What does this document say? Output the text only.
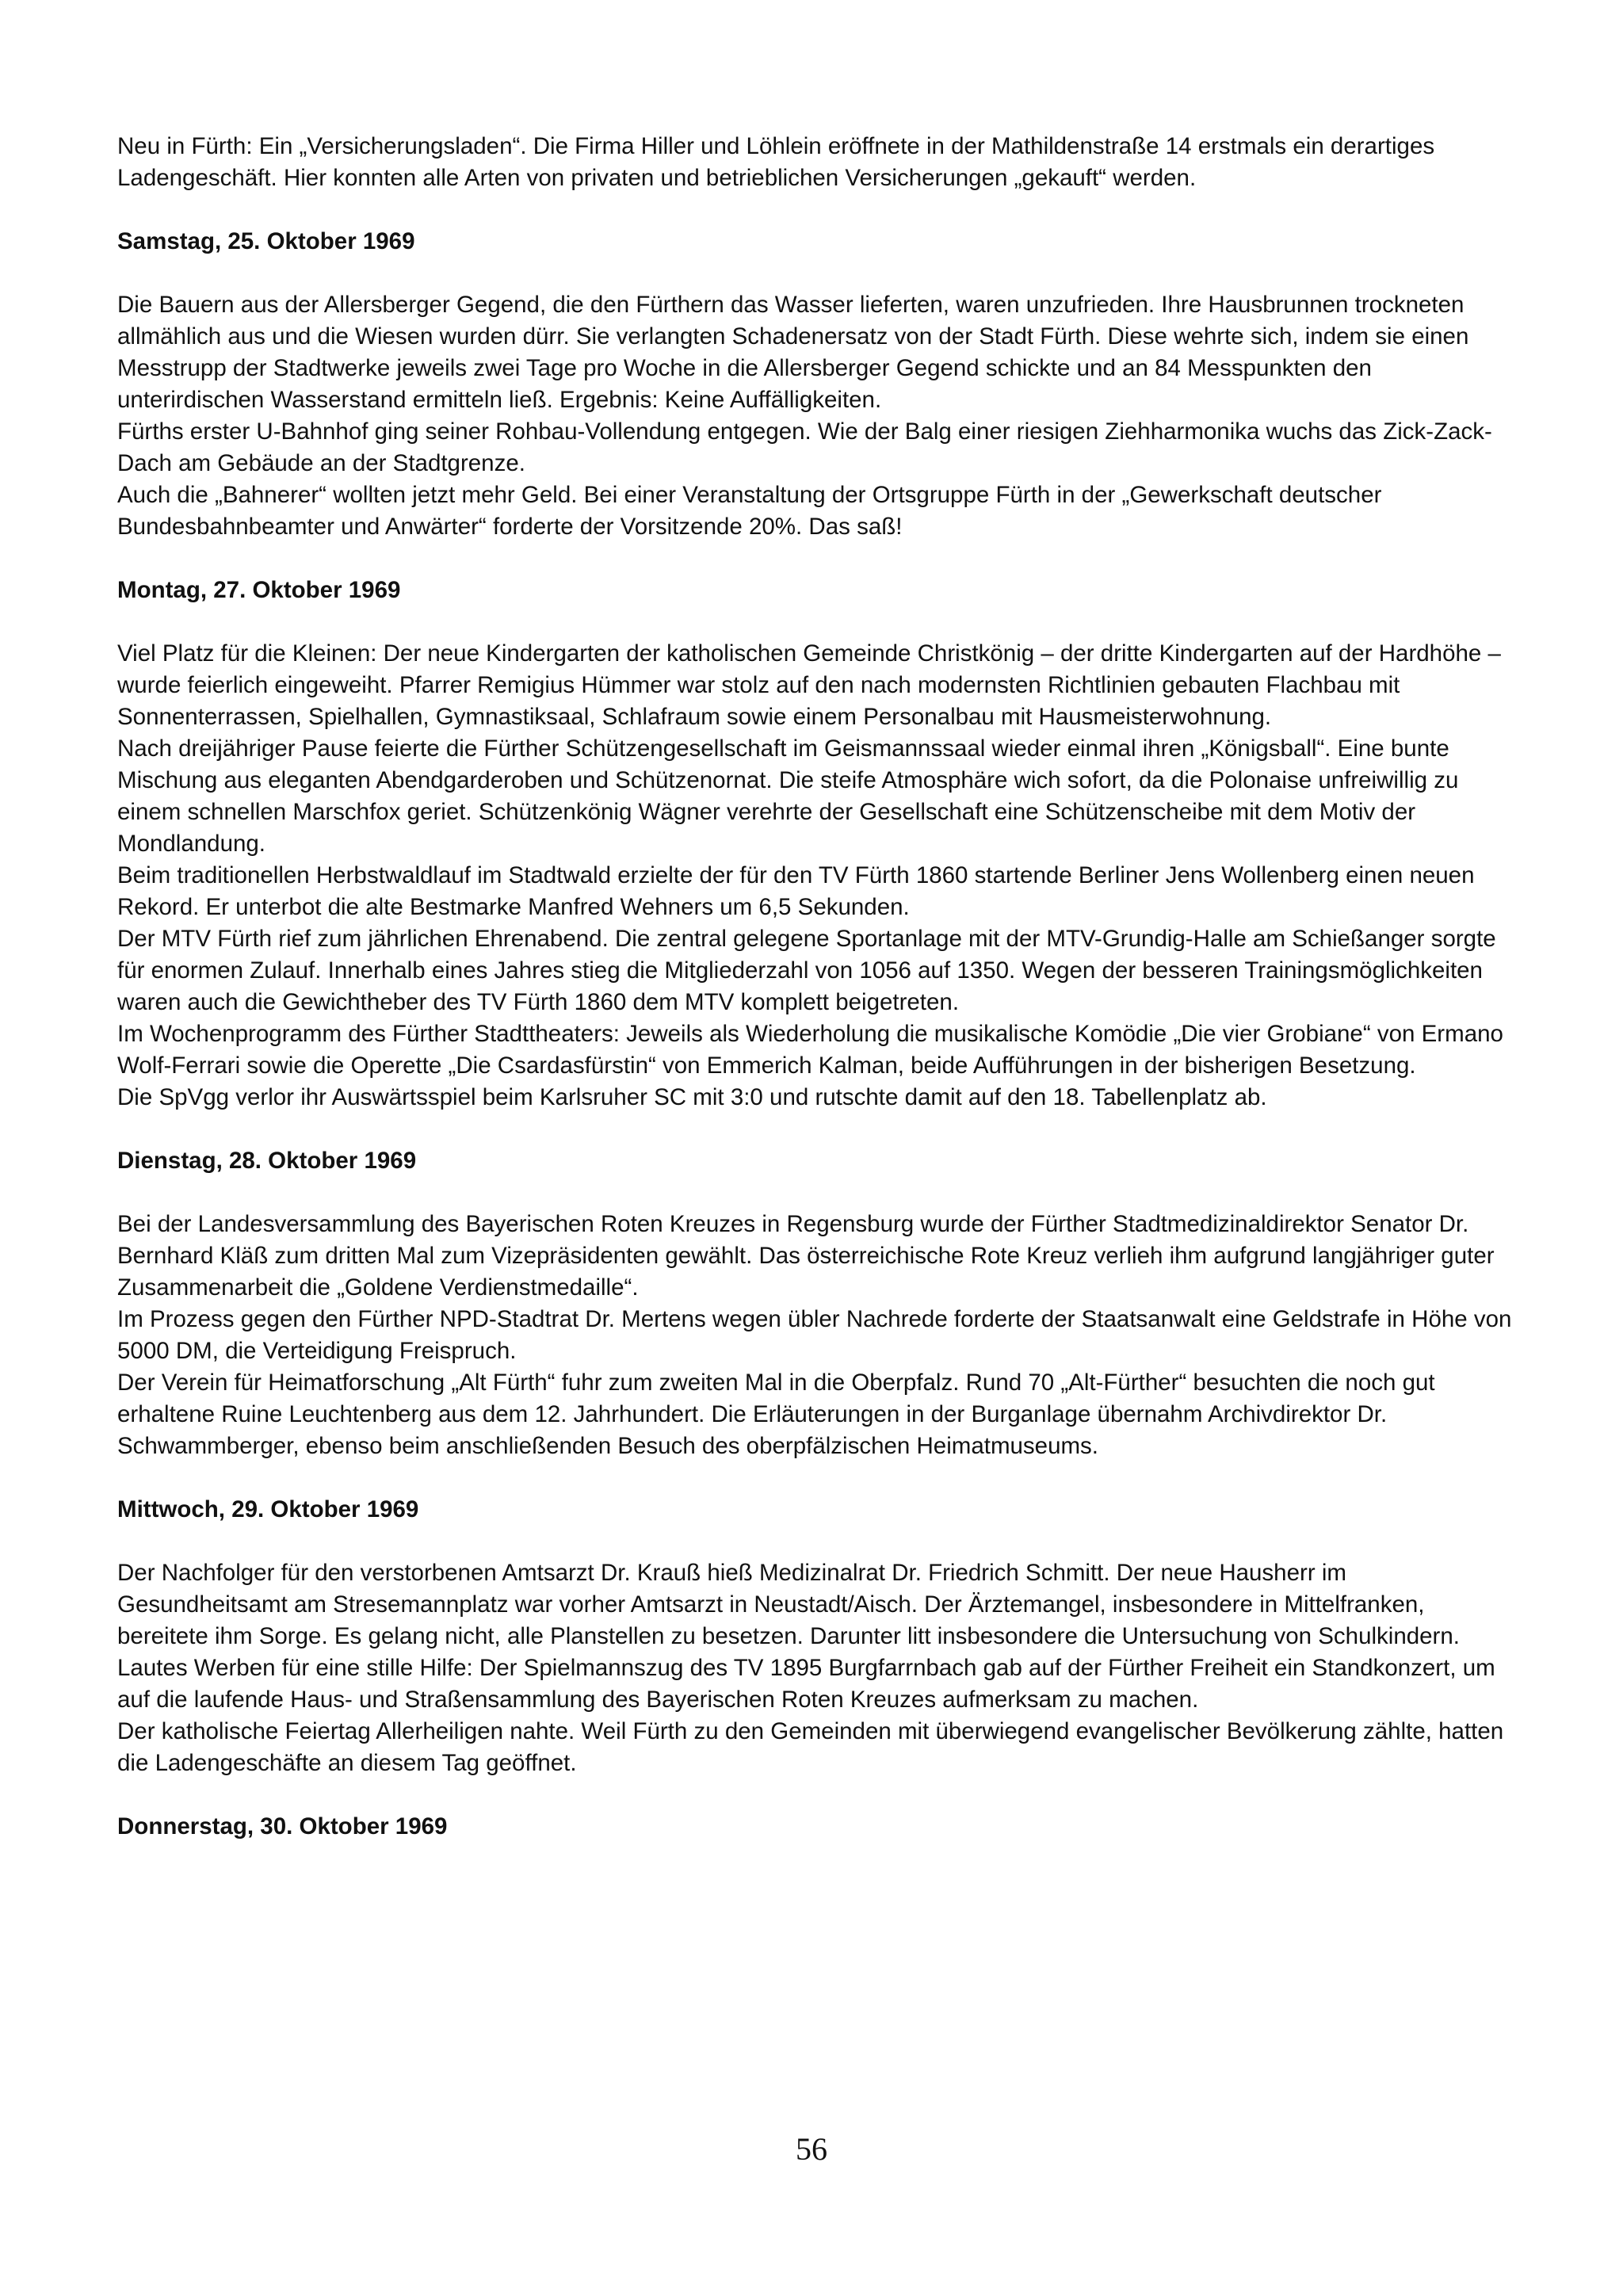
Neu in Fürth: Ein „Versicherungsladen“. Die Firma Hiller und Löhlein eröffnete in der Mathildenstraße 14 erstmals ein derartiges Ladengeschäft. Hier konnten alle Arten von privaten und betrieblichen Versicherungen „gekauft“ werden.

Samstag, 25. Oktober 1969

Die Bauern aus der Allersberger Gegend, die den Fürthern das Wasser lieferten, waren unzufrieden. Ihre Hausbrunnen trockneten allmählich aus und die Wiesen wurden dürr. Sie verlangten Schadenersatz von der Stadt Fürth. Diese wehrte sich, indem sie einen Messtrupp der Stadtwerke jeweils zwei Tage pro Woche in die Allersberger Gegend schickte und an 84 Messpunkten den unterirdischen Wasserstand ermitteln ließ. Ergebnis: Keine Auffälligkeiten.

Fürths erster U-Bahnhof ging seiner Rohbau-Vollendung entgegen. Wie der Balg einer riesigen Ziehharmonika wuchs das Zick-Zack-Dach am Gebäude an der Stadtgrenze.

Auch die „Bahnerer“ wollten jetzt mehr Geld. Bei einer Veranstaltung der Ortsgruppe Fürth in der „Gewerkschaft deutscher Bundesbahnbeamter und Anwärter“ forderte der Vorsitzende 20%. Das saß!

Montag, 27. Oktober 1969

Viel Platz für die Kleinen: Der neue Kindergarten der katholischen Gemeinde Christkönig – der dritte Kindergarten auf der Hardhöhe – wurde feierlich eingeweiht. Pfarrer Remigius Hümmer war stolz auf den nach modernsten Richtlinien gebauten Flachbau mit Sonnenterrassen, Spielhallen, Gymnastiksaal, Schlafraum sowie einem Personalbau mit Hausmeisterwohnung.

Nach dreijähriger Pause feierte die Fürther Schützengesellschaft im Geismannssaal wieder einmal ihren „Königsball“. Eine bunte Mischung aus eleganten Abendgarderoben und Schützenornat. Die steife Atmosphäre wich sofort, da die Polonaise unfreiwillig zu einem schnellen Marschfox geriet. Schützenkönig Wägner verehrte der Gesellschaft eine Schützenscheibe mit dem Motiv der Mondlandung.

Beim traditionellen Herbstwaldlauf im Stadtwald erzielte der für den TV Fürth 1860 startende Berliner Jens Wollenberg einen neuen Rekord. Er unterbot die alte Bestmarke Manfred Wehners um 6,5 Sekunden.

Der MTV Fürth rief zum jährlichen Ehrenabend. Die zentral gelegene Sportanlage mit der MTV-Grundig-Halle am Schießanger sorgte für enormen Zulauf. Innerhalb eines Jahres stieg die Mitgliederzahl von 1056 auf 1350. Wegen der besseren Trainingsmöglichkeiten waren auch die Gewichtheber des TV Fürth 1860 dem MTV komplett beigetreten.

Im Wochenprogramm des Fürther Stadttheaters: Jeweils als Wiederholung die musikalische Komödie „Die vier Grobiane“ von Ermano Wolf-Ferrari sowie die Operette „Die Csardasfürstin“ von Emmerich Kalman, beide Aufführungen in der bisherigen Besetzung.

Die SpVgg verlor ihr Auswärtsspiel beim Karlsruher SC mit 3:0 und rutschte damit auf den 18. Tabellenplatz ab.

Dienstag, 28. Oktober 1969

Bei der Landesversammlung des Bayerischen Roten Kreuzes in Regensburg wurde der Fürther Stadtmedizinaldirektor Senator Dr. Bernhard Kläß zum dritten Mal zum Vizepräsidenten gewählt. Das österreichische Rote Kreuz verlieh ihm aufgrund langjähriger guter Zusammenarbeit die „Goldene Verdienstmedaille“.

Im Prozess gegen den Fürther NPD-Stadtrat Dr. Mertens wegen übler Nachrede forderte der Staatsanwalt eine Geldstrafe in Höhe von 5000 DM, die Verteidigung Freispruch.

Der Verein für Heimatforschung „Alt Fürth“ fuhr zum zweiten Mal in die Oberpfalz. Rund 70 „Alt-Fürther“ besuchten die noch gut erhaltene Ruine Leuchtenberg aus dem 12. Jahrhundert. Die Erläuterungen in der Burganlage übernahm Archivdirektor Dr. Schwammberger, ebenso beim anschließenden Besuch des oberpfälzischen Heimatmuseums.

Mittwoch, 29. Oktober 1969

Der Nachfolger für den verstorbenen Amtsarzt Dr. Krauß hieß Medizinalrat Dr. Friedrich Schmitt. Der neue Hausherr im Gesundheitsamt am Stresemannplatz war vorher Amtsarzt in Neustadt/Aisch. Der Ärztemangel, insbesondere in Mittelfranken, bereitete ihm Sorge. Es gelang nicht, alle Planstellen zu besetzen. Darunter litt insbesondere die Untersuchung von Schulkindern.

Lautes Werben für eine stille Hilfe: Der Spielmannszug des TV 1895 Burgfarrnbach gab auf der Fürther Freiheit ein Standkonzert, um auf die laufende Haus- und Straßensammlung des Bayerischen Roten Kreuzes aufmerksam zu machen.

Der katholische Feiertag Allerheiligen nahte. Weil Fürth zu den Gemeinden mit überwiegend evangelischer Bevölkerung zählte, hatten die Ladengeschäfte an diesem Tag geöffnet.

Donnerstag, 30. Oktober 1969

56
